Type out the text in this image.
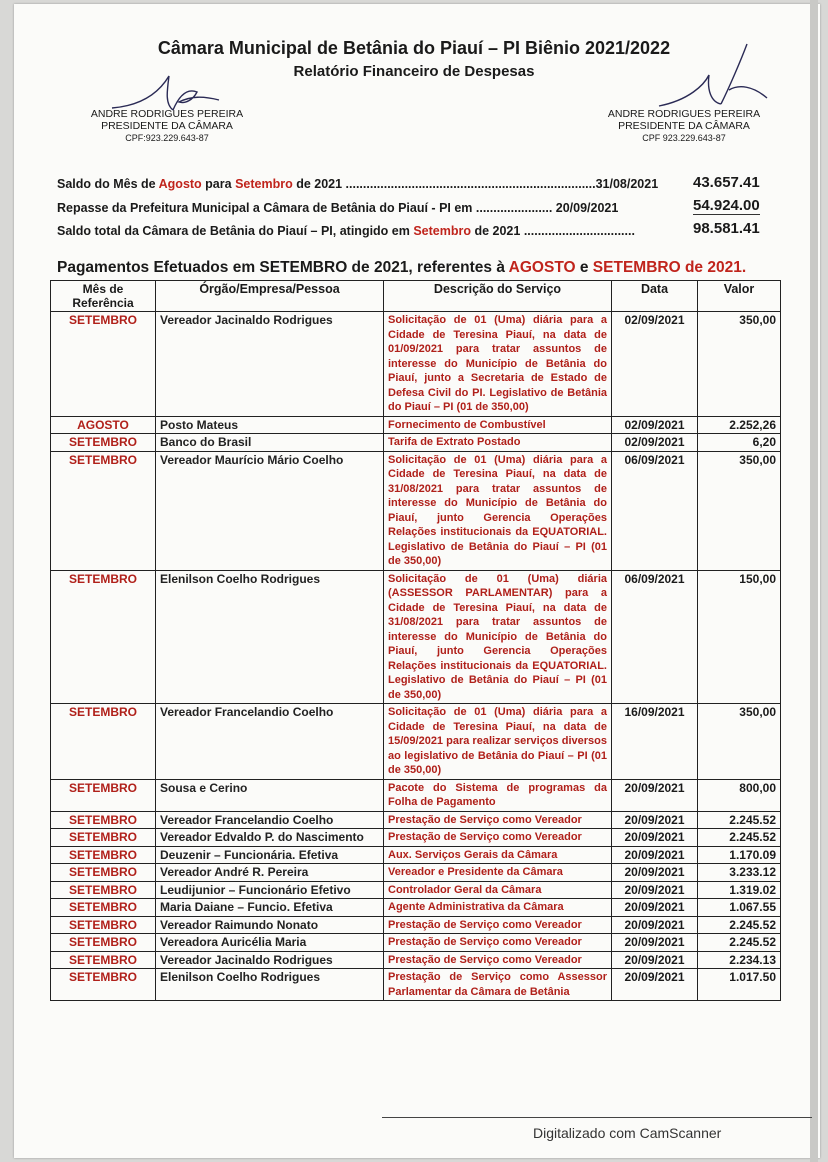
Câmara Municipal de Betânia do Piauí – PI Biênio 2021/2022
Relatório Financeiro de Despesas
ANDRE RODRIGUES PEREIRA
PRESIDENTE DA CÂMARA
CPF:923.229.643-87
ANDRE RODRIGUES PEREIRA
PRESIDENTE DA CÂMARA
CPF 923.229.643-87
Saldo do Mês de Agosto para Setembro de 2021 ........................................................................31/08/2021 43.657.41
Repasse da Prefeitura Municipal a Câmara de Betânia do Piauí - PI em ...................... 20/09/2021	54.924.00
Saldo total da Câmara de Betânia do Piauí – PI, atingido em Setembro de 2021 ................................	98.581.41
Pagamentos Efetuados em SETEMBRO de 2021, referentes à AGOSTO e SETEMBRO de 2021.
Mês de Referência	Órgão/Empresa/Pessoa	Descrição do Serviço	Data	Valor
SETEMBRO	Vereador Jacinaldo Rodrigues	Solicitação de 01 (Uma) diária para a Cidade de Teresina Piauí, na data de 01/09/2021 para tratar assuntos de interesse do Município de Betânia do Piauí, junto a Secretaria de Estado de Defesa Civil do PI. Legislativo de Betânia do Piauí – PI (01 de 350,00)	02/09/2021	350,00
AGOSTO	Posto Mateus	Fornecimento de Combustível	02/09/2021	2.252,26
SETEMBRO	Banco do Brasil	Tarifa de Extrato Postado	02/09/2021	6,20
SETEMBRO	Vereador Maurício Mário Coelho	Solicitação de 01 (Uma) diária para a Cidade de Teresina Piauí, na data de 31/08/2021 para tratar assuntos de interesse do Município de Betânia do Piauí, junto Gerencia Operações Relações institucionais da EQUATORIAL. Legislativo de Betânia do Piauí – PI (01 de 350,00)	06/09/2021	350,00
SETEMBRO	Elenilson Coelho Rodrigues	Solicitação de 01 (Uma) diária (ASSESSOR PARLAMENTAR) para a Cidade de Teresina Piauí, na data de 31/08/2021 para tratar assuntos de interesse do Município de Betânia do Piauí, junto Gerencia Operações Relações institucionais da EQUATORIAL. Legislativo de Betânia do Piauí – PI (01 de 350,00)	06/09/2021	150,00
SETEMBRO	Vereador Francelandio Coelho	Solicitação de 01 (Uma) diária para a Cidade de Teresina Piauí, na data de 15/09/2021 para realizar serviços diversos ao legislativo de Betânia do Piauí – PI (01 de 350,00)	16/09/2021	350,00
SETEMBRO	Sousa e Cerino	Pacote do Sistema de programas da Folha de Pagamento	20/09/2021	800,00
SETEMBRO	Vereador Francelandio Coelho	Prestação de Serviço como Vereador	20/09/2021	2.245.52
SETEMBRO	Vereador Edvaldo P. do Nascimento	Prestação de Serviço como Vereador	20/09/2021	2.245.52
SETEMBRO	Deuzenir – Funcionária. Efetiva	Aux. Serviços Gerais da Câmara	20/09/2021	1.170.09
SETEMBRO	Vereador André R. Pereira	Vereador e Presidente da Câmara	20/09/2021	3.233.12
SETEMBRO	Leudijunior – Funcionário Efetivo	Controlador Geral da Câmara	20/09/2021	1.319.02
SETEMBRO	Maria Daiane – Funcio. Efetiva	Agente Administrativa da Câmara	20/09/2021	1.067.55
SETEMBRO	Vereador Raimundo Nonato	Prestação de Serviço como Vereador	20/09/2021	2.245.52
SETEMBRO	Vereadora Auricélia Maria	Prestação de Serviço como Vereador	20/09/2021	2.245.52
SETEMBRO	Vereador Jacinaldo Rodrigues	Prestação de Serviço como Vereador	20/09/2021	2.234.13
SETEMBRO	Elenilson Coelho Rodrigues	Prestação de Serviço como Assessor Parlamentar da Câmara de Betânia	20/09/2021	1.017.50
Digitalizado com CamScanner
